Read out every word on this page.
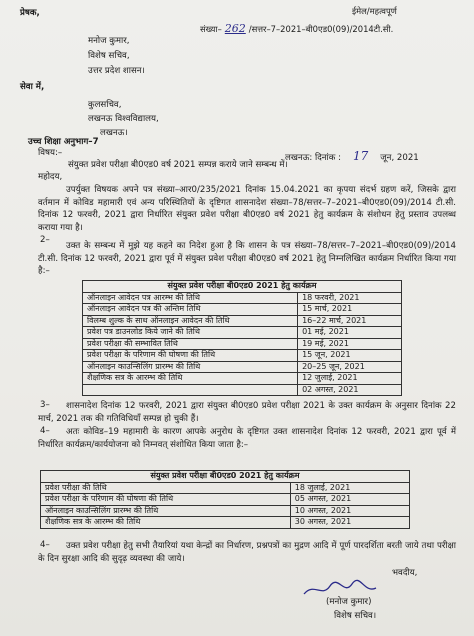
प्रेषक,	ईमेल/महत्वपूर्ण
संख्या– 262 /सत्तर–7–2021–बी0एड0(09)/2014टी.सी.
मनोज कुमार,
विशेष सचिव,
उत्तर प्रदेश शासन।
सेवा में,
कुलसचिव,
लखनऊ विश्वविद्यालय,
लखनऊ।
उच्च शिक्षा अनुभाग–7
लखनऊ: दिनांक : 17 जून, 2021
विषय:–
संयुक्त प्रवेश परीक्षा बी0एड0 वर्ष 2021 सम्पन्न कराये जाने सम्बन्ध में।
महोदय,
उपर्युक्त विषयक अपने पत्र संख्या–आर0/235/2021 दिनांक 15.04.2021 का कृपया संदर्भ ग्रहण करें, जिसके द्वारा वर्तमान में कोविड महामारी एवं अन्य परिस्थितियों के दृष्टिगत शासनादेश संख्या–78/सत्तर–7–2021–बी0एड0(09)/2014 टी.सी. दिनांक 12 फरवरी, 2021 द्वारा निर्धारित संयुक्त प्रवेश परीक्षा बी0एड0 वर्ष 2021 हेतु कार्यक्रम के संशोधन हेतु प्रस्ताव उपलब्ध कराया गया है।
2–
उक्त के सम्बन्ध में मुझे यह कहने का निदेश हुआ है कि शासन के पत्र संख्या–78/सत्तर–7–2021–बी0एड0(09)/2014 टी.सी. दिनांक 12 फरवरी, 2021 द्वारा पूर्व में संयुक्त प्रवेश परीक्षा बी0एड0 वर्ष 2021 हेतु निम्नलिखित कार्यक्रम निर्धारित किया गया है:–
संयुक्त प्रवेश परीक्षा बी0एड0 2021 हेतु कार्यक्रम	
ऑनलाइन आवेदन पत्र आरम्भ की तिथि	18 फरवरी, 2021
ऑनलाइन आवेदन पत्र की अन्तिम तिथि	15 मार्च, 2021
विलम्ब शुल्क के साथ ऑनलाइन आवेदन की तिथि	16–22 मार्च, 2021
प्रवेश पत्र डाउनलोड किये जाने की तिथि	01 मई, 2021
प्रवेश परीक्षा की सम्भावित तिथि	19 मई, 2021
प्रवेश परीक्षा के परिणाम की घोषणा की तिथि	15 जून, 2021
ऑनलाइन काउन्सिलिंग प्रारम्भ की तिथि	20–25 जून, 2021
शैक्षणिक सत्र के आरम्भ की तिथि	12 जुलाई, 2021
	02 अगस्त, 2021
3–	शासनादेश दिनांक 12 फरवरी, 2021 द्वारा संयुक्त बी0एड0 प्रवेश परीक्षा 2021 के उक्त कार्यक्रम के अनुसार दिनांक 22 मार्च, 2021 तक की गतिविधियाँ सम्पन्न हो चुकी हैं।
4–	अतः कोविड–19 महामारी के कारण आपके अनुरोध के दृष्टिगत उक्त शासनादेश दिनांक 12 फरवरी, 2021 द्वारा पूर्व में निर्धारित कार्यक्रम/कार्ययोजना को निम्नवत् संशोधित किया जाता है:–
संयुक्त प्रवेश परीक्षा बी0एड0 2021 हेतु कार्यक्रम	
प्रवेश परीक्षा की तिथि	18 जुलाई, 2021
प्रवेश परीक्षा के परिणाम की घोषणा की तिथि	05 अगस्त, 2021
ऑनलाइन काउन्सिलिंग प्रारम्भ की तिथि	10 अगस्त, 2021
शैक्षणिक सत्र के आरम्भ की तिथि	30 अगस्त, 2021
4–	उक्त प्रवेश परीक्षा हेतु सभी तैयारियां यथा केन्द्रों का निर्धारण, प्रश्नपत्रों का मुद्रण आदि में पूर्ण पारदर्शिता बरती जाये तथा परीक्षा के दिन सुरक्षा आदि की सुदृढ़ व्यवस्था की जाये।
भवदीय,
(मनोज कुमार)
विशेष सचिव।
